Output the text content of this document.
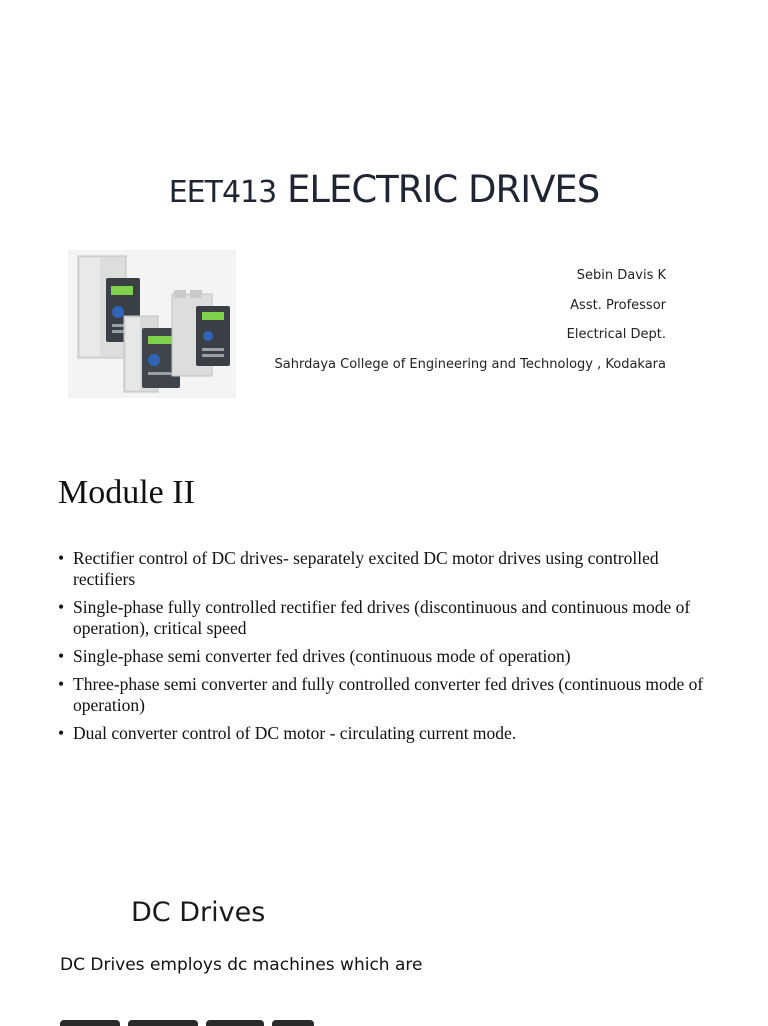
EET413 ELECTRIC DRIVES
Sebin Davis K
Asst. Professor
Electrical Dept.
Sahrdaya College of Engineering and Technology , Kodakara
Module II
• Rectifier control of DC drives- separately excited DC motor drives using controlled rectifiers
• Single-phase fully controlled rectifier fed drives (discontinuous and continuous mode of operation), critical speed
• Single-phase semi converter fed drives (continuous mode of operation)
• Three-phase semi converter and fully controlled converter fed drives (continuous mode of operation)
• Dual converter control of DC motor - circulating current mode.
DC Drives
DC Drives employs dc machines which are
